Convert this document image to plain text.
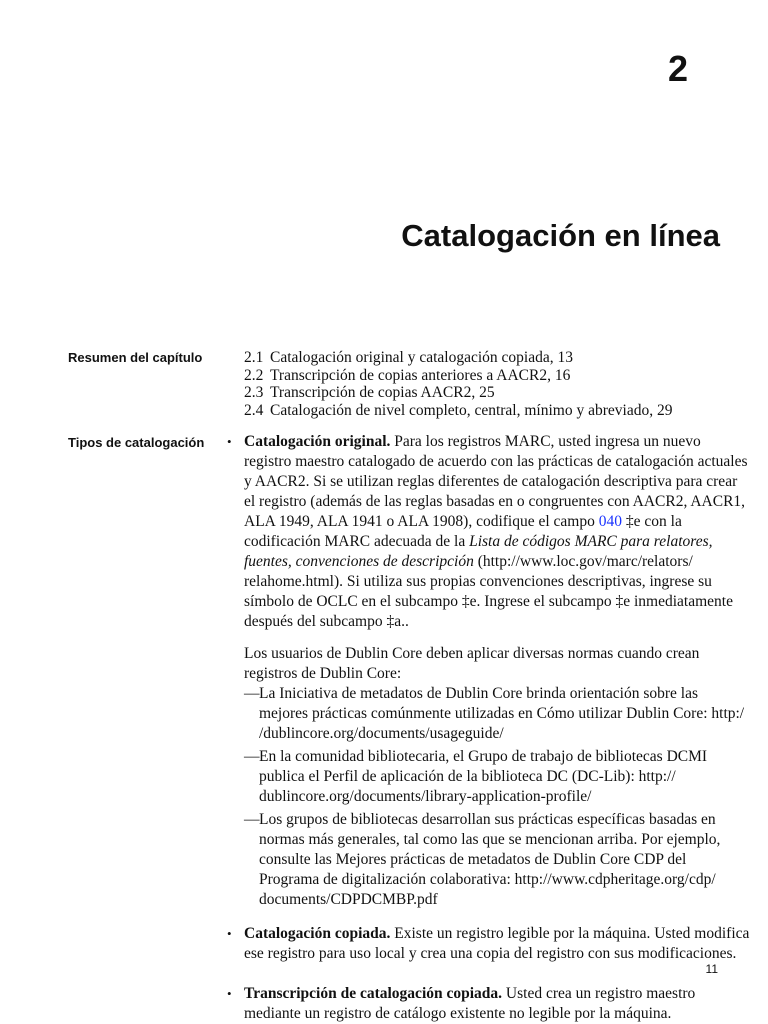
2
Catalogación en línea
Resumen del capítulo	2.1 Catalogación original y catalogación copiada, 13
2.2 Transcripción de copias anteriores a AACR2, 16
2.3 Transcripción de copias AACR2, 25
2.4 Catalogación de nivel completo, central, mínimo y abreviado, 29
Tipos de catalogación • Catalogación original. Para los registros MARC, usted ingresa un nuevo
registro maestro catalogado de acuerdo con las prácticas de catalogación actuales
y AACR2. Si se utilizan reglas diferentes de catalogación descriptiva para crear
el registro (además de las reglas basadas en o congruentes con AACR2, AACR1,
ALA 1949, ALA 1941 o ALA 1908), codifique el campo 040 ‡e con la
codificación MARC adecuada de la Lista de códigos MARC para relatores,
fuentes, convenciones de descripción (http://www.loc.gov/marc/relators/
relahome.html). Si utiliza sus propias convenciones descriptivas, ingrese su
símbolo de OCLC en el subcampo ‡e. Ingrese el subcampo ‡e inmediatamente
después del subcampo ‡a..
Los usuarios de Dublin Core deben aplicar diversas normas cuando crean
registros de Dublin Core:
— La Iniciativa de metadatos de Dublin Core brinda orientación sobre las
mejores prácticas comúnmente utilizadas en Cómo utilizar Dublin Core: http:/
/dublincore.org/documents/usageguide/
— En la comunidad bibliotecaria, el Grupo de trabajo de bibliotecas DCMI
publica el Perfil de aplicación de la biblioteca DC (DC-Lib): http://
dublincore.org/documents/library-application-profile/
— Los grupos de bibliotecas desarrollan sus prácticas específicas basadas en
normas más generales, tal como las que se mencionan arriba. Por ejemplo,
consulte las Mejores prácticas de metadatos de Dublin Core CDP del
Programa de digitalización colaborativa: http://www.cdpheritage.org/cdp/
documents/CDPDCMBP.pdf
• Catalogación copiada. Existe un registro legible por la máquina. Usted modifica
ese registro para uso local y crea una copia del registro con sus modificaciones.
• Transcripción de catalogación copiada. Usted crea un registro maestro
mediante un registro de catálogo existente no legible por la máquina.
11
